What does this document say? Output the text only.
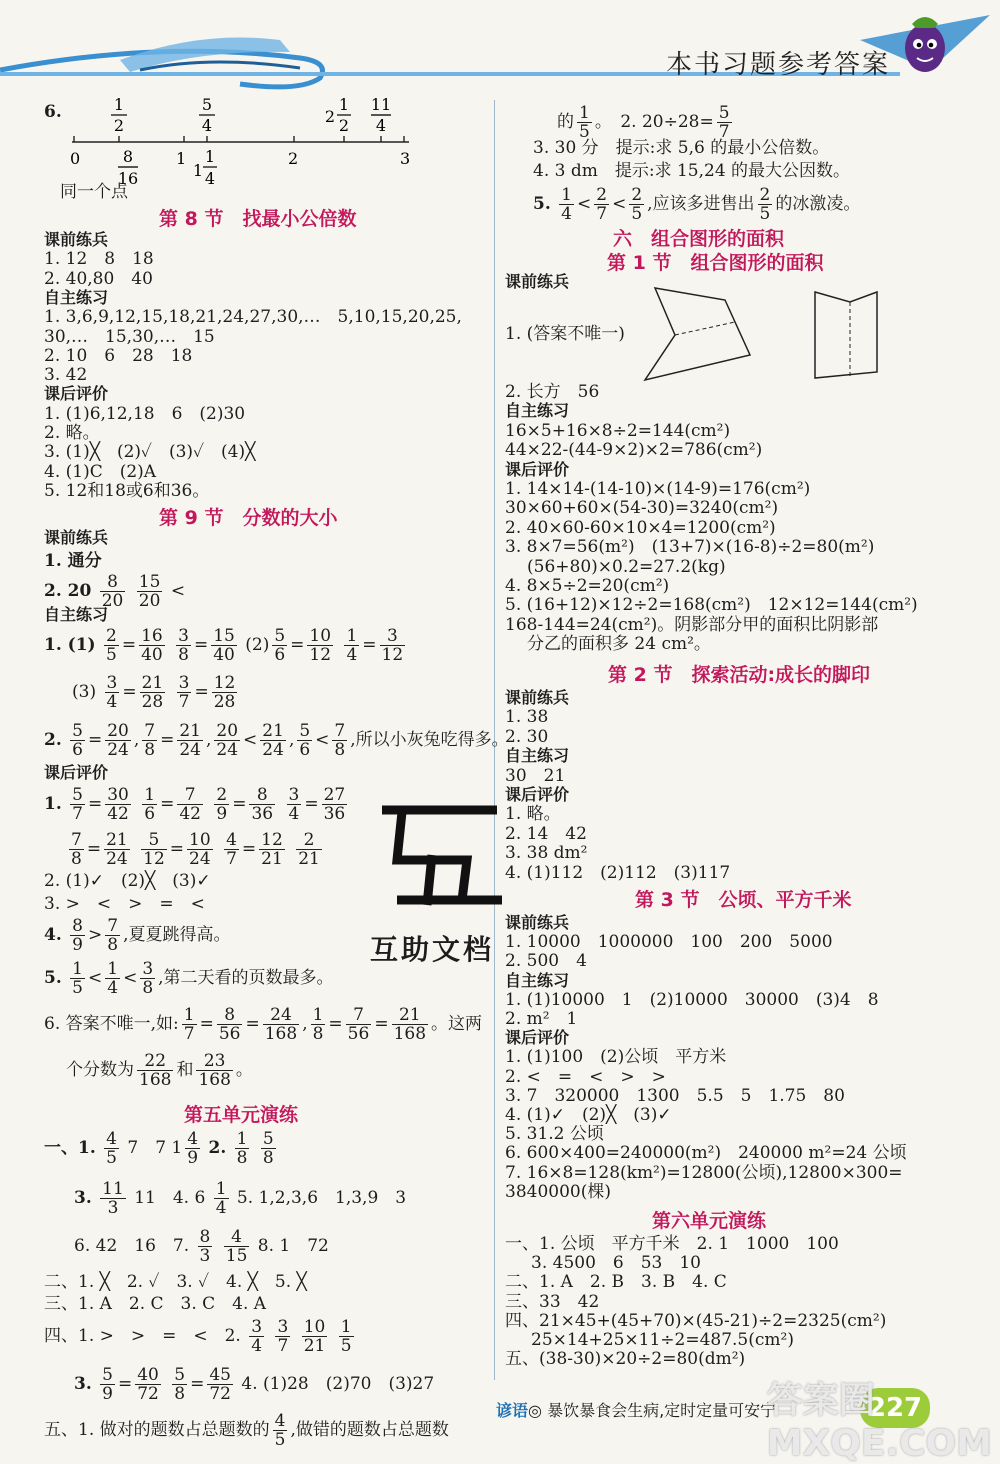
本书习题参考答案
6.	1
2
5
4	2
1
2
11
4
0	1	2	3
8
16	1
1
4
同一个点
第 8 节　找最小公倍数
课前练兵
1. 12　8　18
2. 40,80　40
自主练习
1. 3,6,9,12,15,18,21,24,27,30,…　5,10,15,20,25,
30,…　15,30,…　15
2. 10　6　28　18
3. 42
课后评价
1. (1)6,12,18　6　(2)30
2. 略。
3. (1)╳　(2)✓　(3)✓　(4)╳
4. (1)C　(2)A
5. 12和18或6和36。
第 9 节　分数的大小
课前练兵
1. 通分
2. $20 \frac{8}{20}$
$\frac{15}{20}$ <
自主练习
1. $(1) \frac{2}{5} = \frac{16}{40}$
$\frac{3}{8} = \frac{15}{40} (2) \frac{5}{6} = \frac{10}{12}$
$\frac{1}{4} = \frac{3}{12}$
$(3) \frac{3}{4} = \frac{21}{28}$
$\frac{3}{7} = \frac{12}{28}$
2. $\frac{5}{6} = \frac{20}{24}$ , $\frac{7}{8} = \frac{21}{24}$ , $\frac{20}{24} < \frac{21}{24}$ , $\frac{5}{6} < \frac{7}{8}$ ,所以小灰兔吃得多。
课后评价
1. $\frac{5}{7} = \frac{30}{42}$
$\frac{1}{6} = \frac{7}{42}$
$\frac{2}{9} = \frac{8}{36}$
$\frac{3}{4} = \frac{27}{36}$
$\frac{7}{8} = \frac{21}{24}$
$\frac{5}{12} = \frac{10}{24}$
$\frac{4}{7} = \frac{12}{21}$
$\frac{2}{21}$
2. (1)✓　(2)╳　(3)✓
3. >　<　>　=　<
4. $\frac{8}{9} > \frac{7}{8}$ ,夏夏跳得高。
5. $\frac{1}{5} < \frac{1}{4} < \frac{3}{8}$ ,第二天看的页数最多。
6. 答案不唯一,如: $\frac{1}{7} = \frac{8}{56} = \frac{24}{168}$ , $\frac{1}{8} = \frac{7}{56} = \frac{21}{168}$ 。这两
个分数为 $\frac{22}{168}$ 和 $\frac{23}{168}$ 。
第五单元演练
一、1. $\frac{4}{5} 7$　7 $1 \frac{4}{9} 2$. $\frac{1}{8}$
$\frac{5}{8}$
3. $\frac{11}{3} 11$　4. $6 \frac{1}{4} 5$. 1,2,3,6　1,3,9　3
6. 42　16　7. $\frac{8}{3}$
$\frac{4}{15} 8$. 1　72
二、1. ╳　2. ✓　3. ✓　4. ╳　5. ╳
三、1. A　2. C　3. C　4. A
四、1. >　>　=　<　2. $\frac{3}{4}$
$\frac{3}{7}$
$\frac{10}{21}$
$\frac{1}{5}$
3. $\frac{5}{9} = \frac{40}{72}$
$\frac{5}{8} = \frac{45}{72} 4$. (1)28　(2)70　(3)27
五、1. 做对的题数占总题数的 $\frac{4}{5}$ ,做错的题数占总题数
的 $\frac{1}{5}$ 。　2. $20\div 28= \frac{5}{7}$
3. 30 分　提示:求 5,6 的最小公倍数。
4. 3 dm　提示:求 15,24 的最大公因数。
5. $\frac{1}{4} < \frac{2}{7} < \frac{2}{5}$ ,应该多进售出 $\frac{2}{5}$ 的冰激凌。
六　组合图形的面积
第 1 节　组合图形的面积
课前练兵
1. (答案不唯一)
2. 长方　56
自主练习
16×5+16×8÷2=144(cm²)
44×22-(44-9×2)×2=786(cm²)
课后评价
1. 14×14-(14-10)×(14-9)=176(cm²)
30×60+60×(54-30)=3240(cm²)
2. 40×60-60×10×4=1200(cm²)
3. 8×7=56(m²)　(13+7)×(16-8)÷2=80(m²)
(56+80)×0.2=27.2(kg)
4. 8×5÷2=20(cm²)
5. (16+12)×12÷2=168(cm²)　12×12=144(cm²)
168-144=24(cm²)。阴影部分甲的面积比阴影部
分乙的面积多 24 cm²。
第 2 节　探索活动:成长的脚印
课前练兵
1. 38
2. 30
自主练习
30　21
课后评价
1. 略。
2. 14　42
3. 38 dm²
4. (1)112　(2)112　(3)117
第 3 节　公顷、平方千米
课前练兵
1. 10000　1000000　100　200　5000
2. 500　4
自主练习
1. (1)10000　1　(2)10000　30000　(3)4　8
2. m²　1
课后评价
1. (1)100　(2)公顷　平方米
2. <　=　<　>　>
3. 7　320000　1300　5.5　5　1.75　80
4. (1)✓　(2)╳　(3)✓
5. 31.2 公顷
6. 600×400=240000(m²)　240000 m²=24 公顷
7. 16×8=128(km²)=12800(公顷),12800×300=
3840000(棵)
第六单元演练
一、1. 公顷　平方千米　2. 1　1000　100
3. 4500　6　53　10
二、1. A　2. B　3. B　4. C
三、33　42
四、21×45+(45+70)×(45-21)÷2=2325(cm²)
25×14+25×11÷2=487.5(cm²)
五、(38-30)×20÷2=80(dm²)
互助文档
谚语◎ 暴饮暴食会生病,定时定量可安宁	227
答案圈
MXQE.COM
